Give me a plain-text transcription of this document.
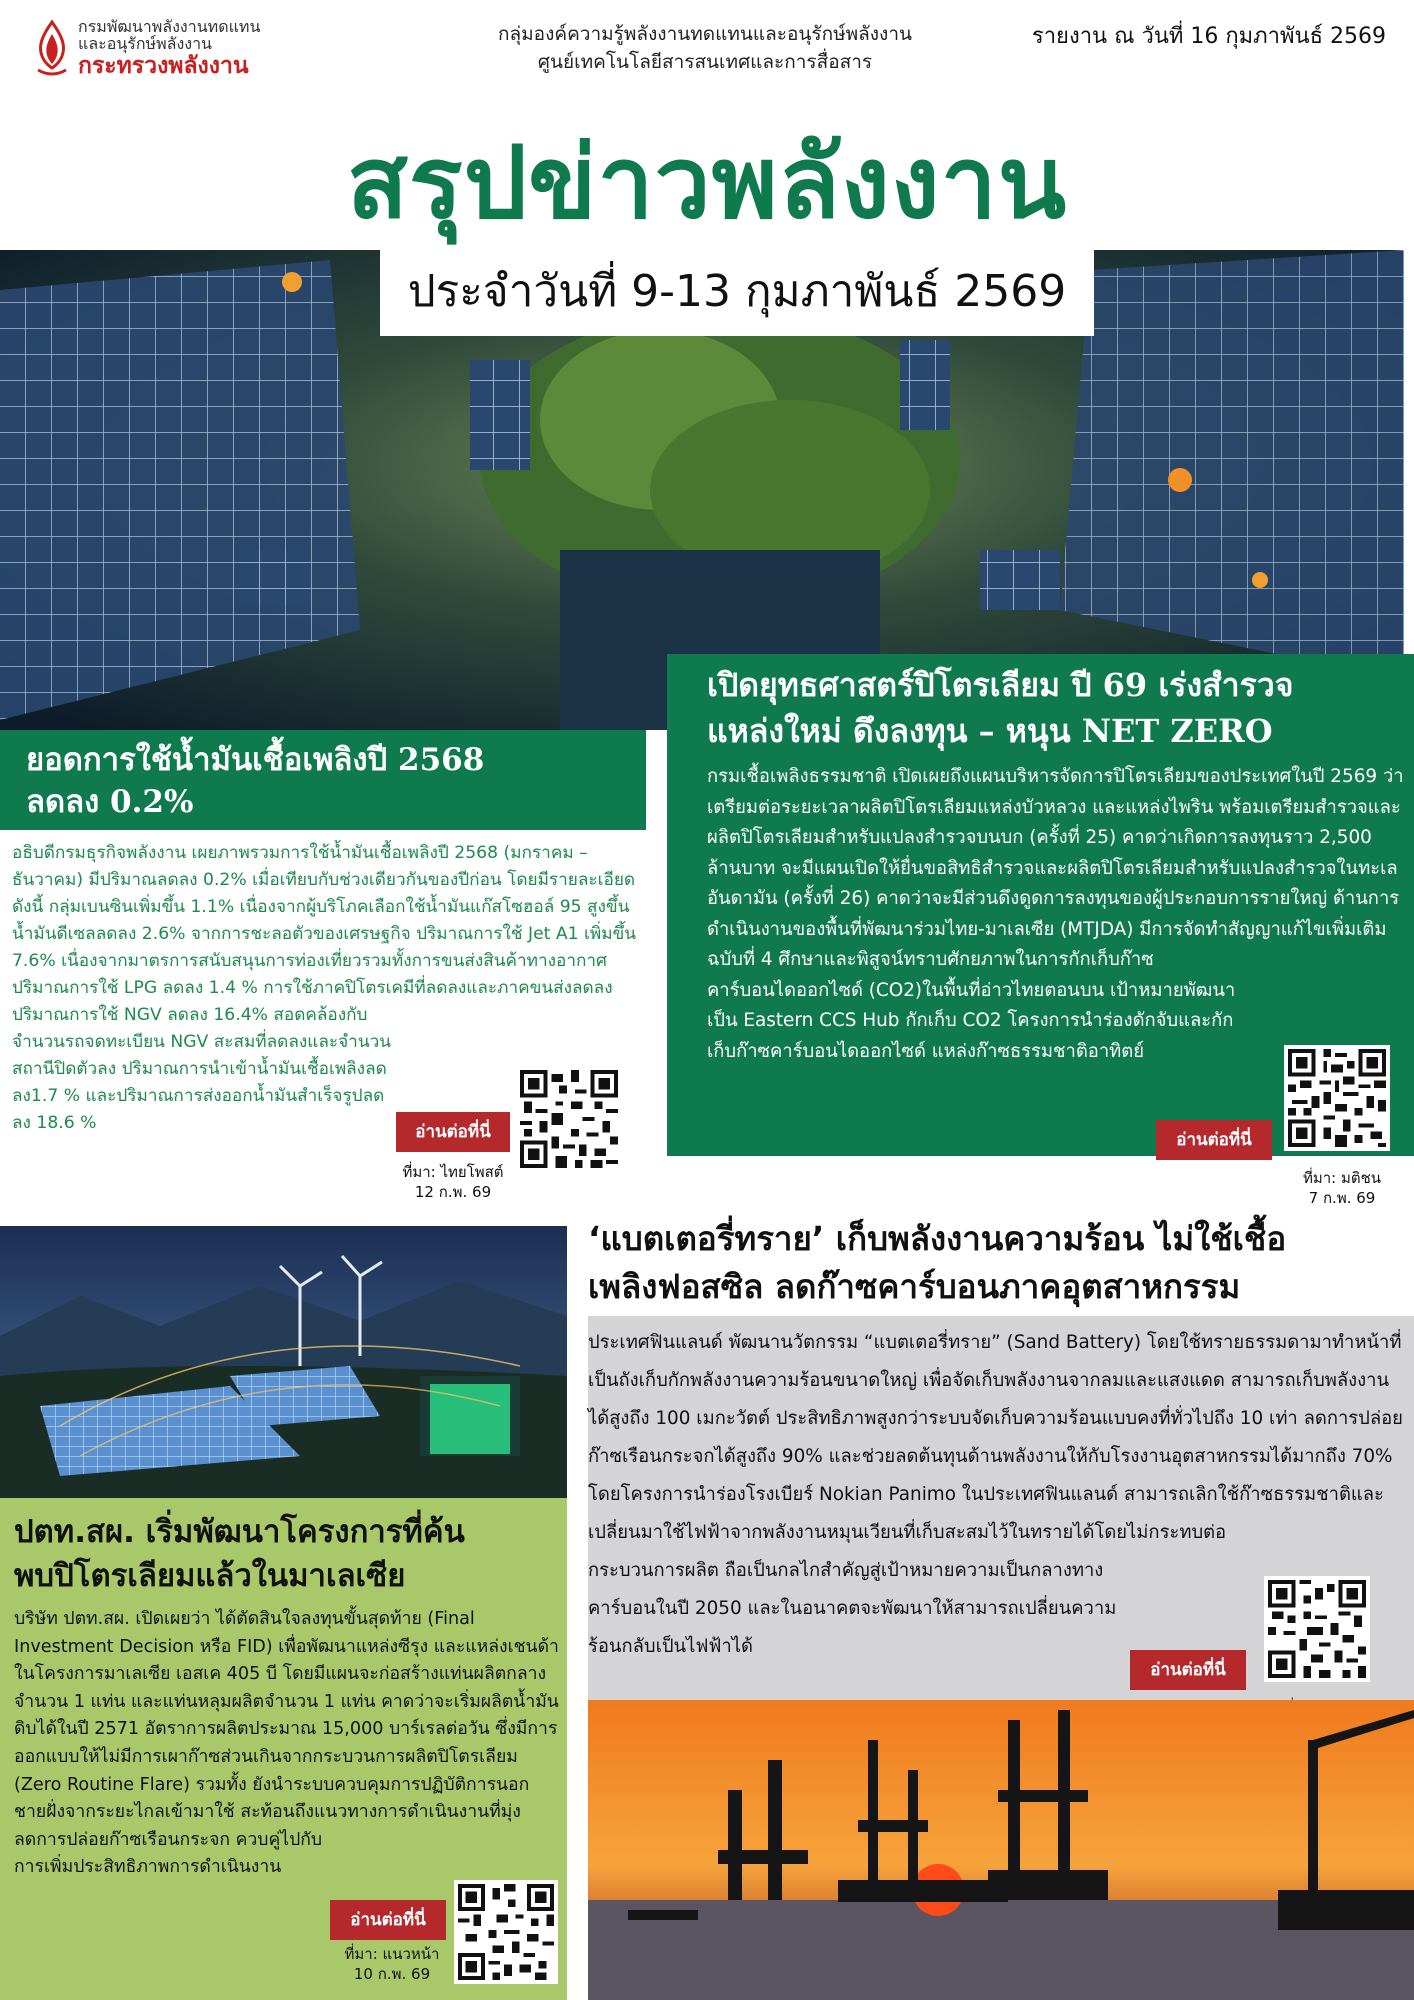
กรมพัฒนาพลังงานทดแทน
และอนุรักษ์พลังงาน
กระทรวงพลังงาน
กลุ่มองค์ความรู้พลังงานทดแทนและอนุรักษ์พลังงาน
ศูนย์เทคโนโลยีสารสนเทศและการสื่อสาร
รายงาน ณ วันที่ 16 กุมภาพันธ์ 2569
สรุปข่าวพลังงาน
ประจำวันที่ 9-13 กุมภาพันธ์ 2569
เปิดยุทธศาสตร์ปิโตรเลียม ปี 69 เร่งสำรวจ
แหล่งใหม่ ดึงลงทุน – หนุน NET ZERO
กรมเชื้อเพลิงธรรมชาติ เปิดเผยถึงแผนบริหารจัดการปิโตรเลียมของประเทศในปี 2569 ว่า เตรียมต่อระยะเวลาผลิตปิโตรเลียมแหล่งบัวหลวง และแหล่งไพริน พร้อมเตรียมสำรวจและผลิตปิโตรเลียมสำหรับแปลงสำรวจบนบก (ครั้งที่ 25) คาดว่าเกิดการลงทุนราว 2,500 ล้านบาท จะมีแผนเปิดให้ยื่นขอสิทธิสำรวจและผลิตปิโตรเลียมสำหรับแปลงสำรวจในทะเลอันดามัน (ครั้งที่ 26) คาดว่าจะมีส่วนดึงดูดการลงทุนของผู้ประกอบการรายใหญ่ ด้านการดำเนินงานของพื้นที่พัฒนาร่วมไทย-มาเลเซีย (MTJDA) มีการจัดทำสัญญาแก้ไขเพิ่มเติมฉบับที่ 4 ศึกษาและพิสูจน์ทราบศักยภาพในการกักเก็บก๊าซ
คาร์บอนไดออกไซด์ (CO2)ในพื้นที่อ่าวไทยตอนบน เป้าหมายพัฒนาเป็น Eastern CCS Hub กักเก็บ CO2 โครงการนำร่องดักจับและกักเก็บก๊าซคาร์บอนไดออกไซด์ แหล่งก๊าซธรรมชาติอาทิตย์
อ่านต่อที่นี่
ที่มา: มติชน
7 ก.พ. 69
ยอดการใช้น้ำมันเชื้อเพลิงปี 2568
ลดลง 0.2%
อธิบดีกรมธุรกิจพลังงาน เผยภาพรวมการใช้น้ำมันเชื้อเพลิงปี 2568 (มกราคม – ธันวาคม) มีปริมาณลดลง 0.2% เมื่อเทียบกับช่วงเดียวกันของปีก่อน โดยมีรายละเอียดดังนี้ กลุ่มเบนซินเพิ่มขึ้น 1.1% เนื่องจากผู้บริโภคเลือกใช้น้ำมันแก๊สโซฮอล์ 95 สูงขึ้น น้ำมันดีเซลลดลง 2.6% จากการชะลอตัวของเศรษฐกิจ ปริมาณการใช้ Jet A1 เพิ่มขึ้น 7.6% เนื่องจากมาตรการสนับสนุนการท่องเที่ยวรวมทั้งการขนส่งสินค้าทางอากาศ ปริมาณการใช้ LPG ลดลง 1.4 % การใช้ภาคปิโตรเคมีที่ลดลงและภาคขนส่งลดลง ปริมาณการใช้ NGV ลดลง 16.4% สอดคล้องกับ
จำนวนรถจดทะเบียน NGV สะสมที่ลดลงและจำนวนสถานีปิดตัวลง ปริมาณการนำเข้าน้ำมันเชื้อเพลิงลดลง1.7 % และปริมาณการส่งออกน้ำมันสำเร็จรูปลดลง 18.6 %	อ่านต่อที่นี่
ที่มา: ไทยโพสต์
12 ก.พ. 69
ปตท.สผ. เริ่มพัฒนาโครงการที่ค้น
พบปิโตรเลียมแล้วในมาเลเซีย
บริษัท ปตท.สผ. เปิดเผยว่า ได้ตัดสินใจลงทุนขั้นสุดท้าย (Final Investment Decision หรือ FID) เพื่อพัฒนาแหล่งซีรุง และแหล่งเชนด้า ในโครงการมาเลเซีย เอสเค 405 บี โดยมีแผนจะก่อสร้างแท่นผลิตกลาง จำนวน 1 แท่น และแท่นหลุมผลิตจำนวน 1 แท่น คาดว่าจะเริ่มผลิตน้ำมันดิบได้ในปี 2571 อัตราการผลิตประมาณ 15,000 บาร์เรลต่อวัน ซึ่งมีการออกแบบให้ไม่มีการเผาก๊าซส่วนเกินจากกระบวนการผลิตปิโตรเลียม (Zero Routine Flare) รวมทั้ง ยังนำระบบควบคุมการปฏิบัติการนอกชายฝั่งจากระยะไกลเข้ามาใช้ สะท้อนถึงแนวทางการดำเนินงานที่มุ่ง
ลดการปล่อยก๊าซเรือนกระจก ควบคู่ไปกับการเพิ่มประสิทธิภาพการดำเนินงาน
อ่านต่อที่นี่
ที่มา: แนวหน้า
10 ก.พ. 69
‘แบตเตอรี่ทราย’ เก็บพลังงานความร้อน ไม่ใช้เชื้อ
เพลิงฟอสซิล ลดก๊าซคาร์บอนภาคอุตสาหกรรม
ประเทศฟินแลนด์ พัฒนานวัตกรรม “แบตเตอรี่ทราย” (Sand Battery) โดยใช้ทรายธรรมดามาทำหน้าที่เป็นถังเก็บกักพลังงานความร้อนขนาดใหญ่ เพื่อจัดเก็บพลังงานจากลมและแสงแดด สามารถเก็บพลังงานได้สูงถึง 100 เมกะวัตต์ ประสิทธิภาพสูงกว่าระบบจัดเก็บความร้อนแบบคงที่ทั่วไปถึง 10 เท่า ลดการปล่อยก๊าซเรือนกระจกได้สูงถึง 90% และช่วยลดต้นทุนด้านพลังงานให้กับโรงงานอุตสาหกรรมได้มากถึง 70% โดยโครงการนำร่องโรงเบียร์ Nokian Panimo ในประเทศฟินแลนด์ สามารถเลิกใช้ก๊าซธรรมชาติและเปลี่ยนมาใช้ไฟฟ้าจากพลังงานหมุนเวียนที่เก็บสะสมไว้ในทรายได้โดยไม่กระทบต่อ
กระบวนการผลิต ถือเป็นกลไกสำคัญสู่เป้าหมายความเป็นกลางทางคาร์บอนในปี 2050 และในอนาคตจะพัฒนาให้สามารถเปลี่ยนความร้อนกลับเป็นไฟฟ้าได้
อ่านต่อที่นี่
